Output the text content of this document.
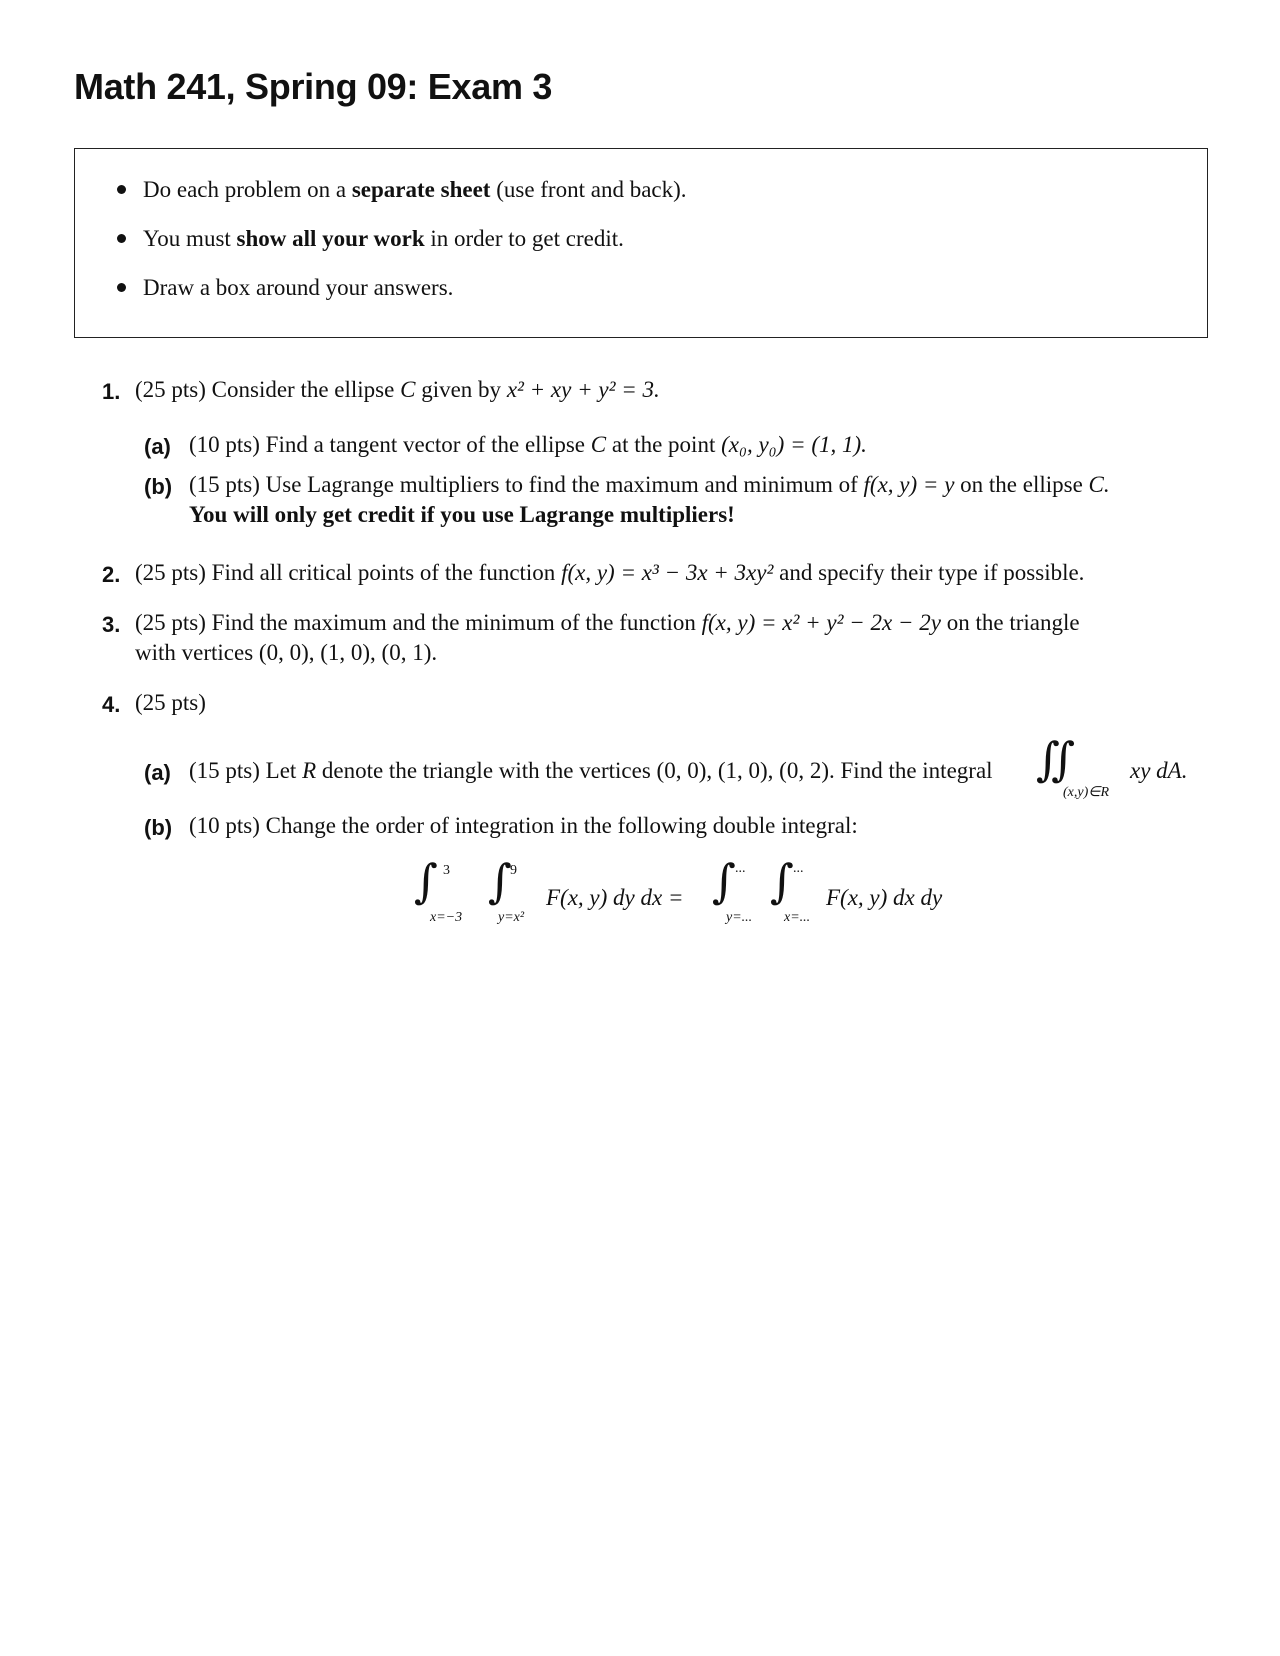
Math 241, Spring 09: Exam 3
Do each problem on a separate sheet (use front and back).
You must show all your work in order to get credit.
Draw a box around your answers.
1. (25 pts) Consider the ellipse C given by x² + xy + y² = 3.
(a) (10 pts) Find a tangent vector of the ellipse C at the point (x₀, y₀) = (1, 1).
(b) (15 pts) Use Lagrange multipliers to find the maximum and minimum of f(x, y) = y on the ellipse C.
You will only get credit if you use Lagrange multipliers!
2. (25 pts) Find all critical points of the function f(x, y) = x³ − 3x + 3xy² and specify their type if possible.
3. (25 pts) Find the maximum and the minimum of the function f(x, y) = x² + y² − 2x − 2y on the triangle
with vertices (0, 0), (1, 0), (0, 1).
4. (25 pts)
(a) (15 pts) Let R denote the triangle with the vertices (0, 0), (1, 0), (0, 2). Find the integral ∬
(x,y)∈R
xy dA.
(b) (10 pts) Change the order of integration in the following double integral:
∫ 3
x=−3
∫
9
y=x²
F(x, y) dy dx = ∫ ...
y=...
∫ ...
x=...
F(x, y) dx dy
